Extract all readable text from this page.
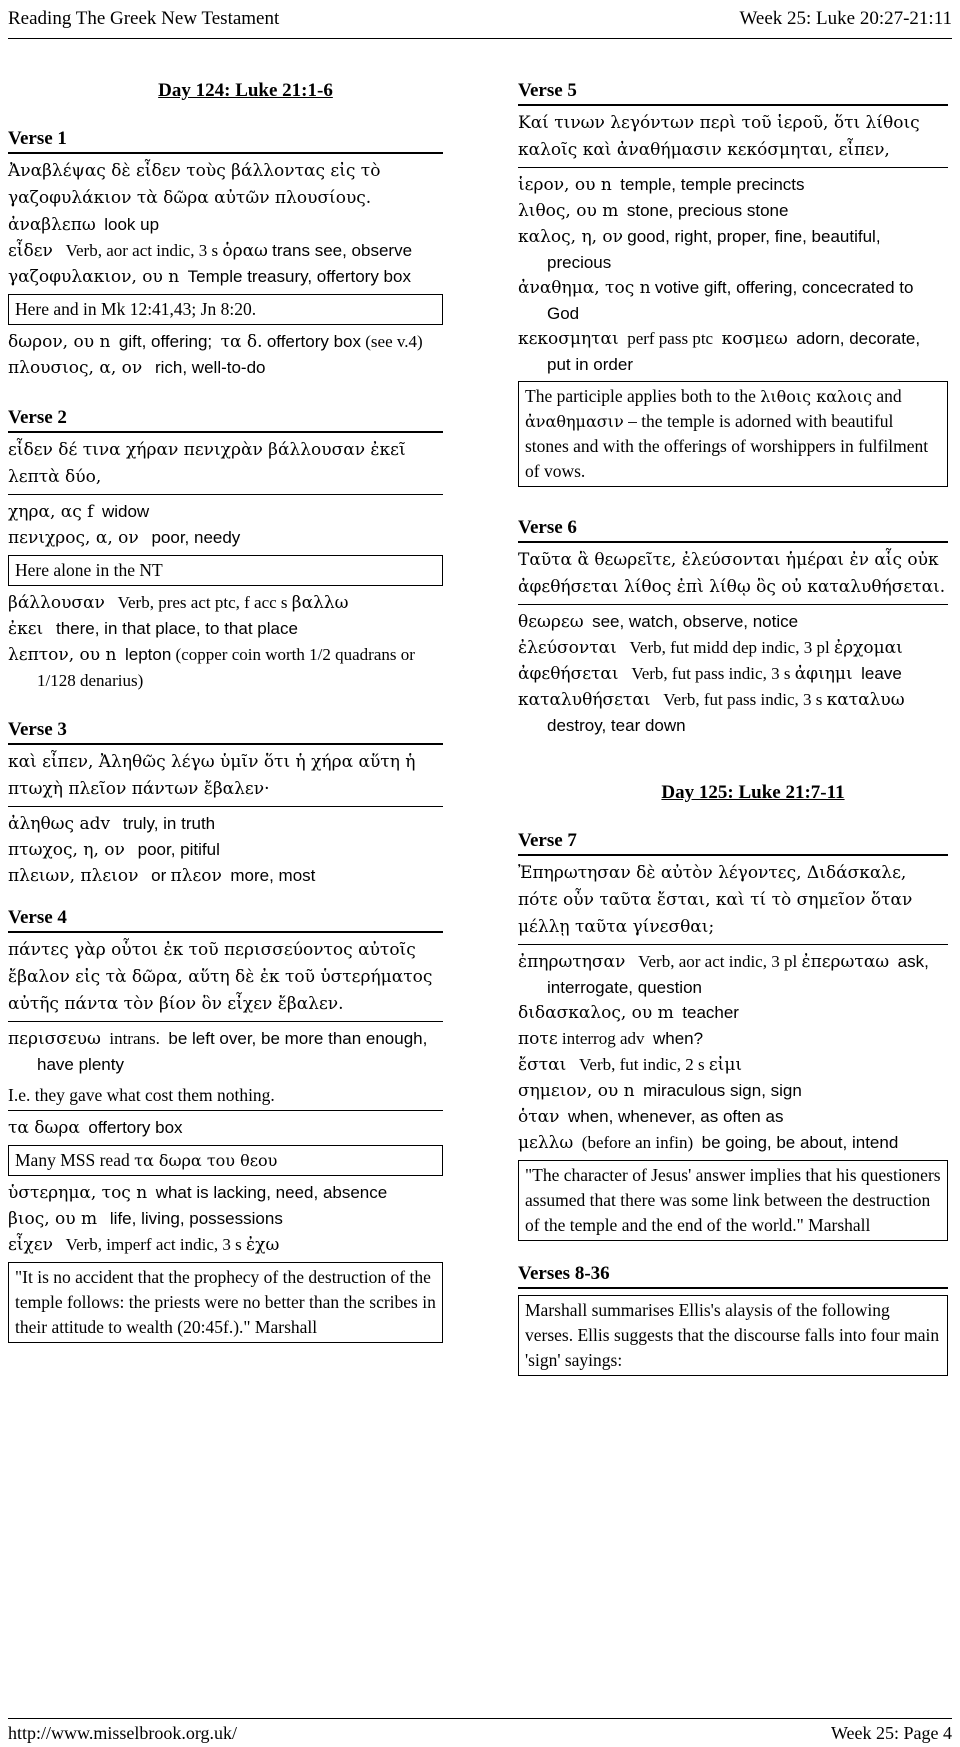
Reading The Greek New Testament	Week 25: Luke 20:27-21:11
Day 124: Luke 21:1-6
Verse 1
Ἀναβλέψας δὲ εἶδεν τοὺς βάλλοντας εἰς τὸ γαζοφυλάκιον τὰ δῶρα αὐτῶν πλουσίους.
ἀναβλεπω look up
εἶδεν Verb, aor act indic, 3 s ὁραω trans see, observe
γαζοφυλακιον, ου n Temple treasury, offertory box
Here and in Mk 12:41,43; Jn 8:20.
δωρον, ου n gift, offering; τα δ. offertory box (see v.4)
πλουσιος, α, ον rich, well-to-do
Verse 2
εἶδεν δέ τινα χήραν πενιχρὰν βάλλουσαν ἐκεῖ λεπτὰ δύο,
χηρα, ας f widow
πενιχρος, α, ον poor, needy
Here alone in the NT
βάλλουσαν Verb, pres act ptc, f acc s βαλλω
ἐκει there, in that place, to that place
λεπτον, ου n lepton (copper coin worth 1/2 quadrans or 1/128 denarius)
Verse 3
καὶ εἶπεν, Ἀληθῶς λέγω ὑμῖν ὅτι ἡ χήρα αὕτη ἡ πτωχὴ πλεῖον πάντων ἔβαλεν·
ἀληθως adv truly, in truth
πτωχος, η, ον poor, pitiful
πλειων, πλειον or πλεον more, most
Verse 4
πάντες γὰρ οὗτοι ἐκ τοῦ περισσεύοντος αὐτοῖς ἔβαλον εἰς τὰ δῶρα, αὕτη δὲ ἐκ τοῦ ὑστερήματος αὐτῆς πάντα τὸν βίον ὃν εἶχεν ἔβαλεν.
περισσευω intrans. be left over, be more than enough, have plenty
I.e. they gave what cost them nothing.
τα δωρα offertory box
Many MSS read τα δωρα του θεου
ὑστερημα, τος n what is lacking, need, absence
βιος, ου m life, living, possessions
εἶχεν Verb, imperf act indic, 3 s ἐχω
"It is no accident that the prophecy of the destruction of the temple follows: the priests were no better than the scribes in their attitude to wealth (20:45f.)." Marshall
Verse 5
Καί τινων λεγόντων περὶ τοῦ ἱεροῦ, ὅτι λίθοις καλοῖς καὶ ἀναθήμασιν κεκόσμηται, εἶπεν,
ἱερον, ου n temple, temple precincts
λιθος, ου m stone, precious stone
καλος, η, ον good, right, proper, fine, beautiful, precious
ἀναθημα, τος n votive gift, offering, concecrated to God
κεκοσμηται perf pass ptc κοσμεω adorn, decorate, put in order
The participle applies both to the λιθοις καλοις and ἀναθημασιν – the temple is adorned with beautiful stones and with the offerings of worshippers in fulfilment of vows.
Verse 6
Ταῦτα ἃ θεωρεῖτε, ἐλεύσονται ἡμέραι ἐν αἷς οὐκ ἀφεθήσεται λίθος ἐπὶ λίθῳ ὃς οὐ καταλυθήσεται.
θεωρεω see, watch, observe, notice
ἐλεύσονται Verb, fut midd dep indic, 3 pl ἐρχομαι
ἀφεθήσεται Verb, fut pass indic, 3 s ἀφιημι leave
καταλυθήσεται Verb, fut pass indic, 3 s καταλυω destroy, tear down
Day 125: Luke 21:7-11
Verse 7
Ἐπηρωτησαν δὲ αὐτὸν λέγοντες, Διδάσκαλε, πότε οὖν ταῦτα ἔσται, καὶ τί τὸ σημεῖον ὅταν μέλλῃ ταῦτα γίνεσθαι;
ἐπηρωτησαν Verb, aor act indic, 3 pl ἐπερωταω ask, interrogate, question
διδασκαλος, ου m teacher
ποτε interrog adv when?
ἔσται Verb, fut indic, 2 s εἰμι
σημειον, ου n miraculous sign, sign
ὁταν when, whenever, as often as
μελλω (before an infin) be going, be about, intend
"The character of Jesus' answer implies that his questioners assumed that there was some link between the destruction of the temple and the end of the world." Marshall
Verses 8-36
Marshall summarises Ellis's alaysis of the following verses. Ellis suggests that the discourse falls into four main 'sign' sayings:
http://www.misselbrook.org.uk/	Week 25: Page 4
